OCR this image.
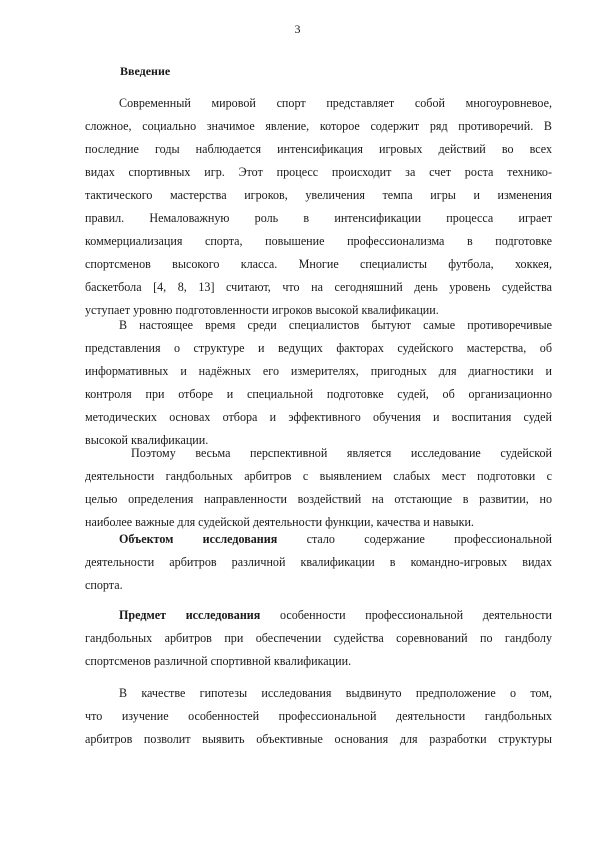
3
Введение
Современный мировой спорт представляет собой многоуровневое,
сложное, социально значимое явление, которое содержит ряд противоречий. В
последние годы наблюдается интенсификация игровых действий во всех
видах спортивных игр. Этот процесс происходит за счет роста технико-
тактического мастерства игроков, увеличения темпа игры и изменения
правил. Немаловажную роль в интенсификации процесса играет
коммерциализация спорта, повышение профессионализма в подготовке
спортсменов высокого класса. Многие специалисты футбола, хоккея,
баскетбола [4, 8, 13] считают, что на сегодняшний день уровень судейства
уступает уровню подготовленности игроков высокой квалификации.
В настоящее время среди специалистов бытуют самые противоречивые
представления о структуре и ведущих факторах судейского мастерства, об
информативных и надёжных его измерителях, пригодных для диагностики и
контроля при отборе и специальной подготовке судей, об организационно
методических основах отбора и эффективного обучения и воспитания судей
высокой квалификации.
Поэтому весьма перспективной является исследование судейской
деятельности гандбольных арбитров с выявлением слабых мест подготовки с
целью определения направленности воздействий на отстающие в развитии, но
наиболее важные для судейской деятельности функции, качества и навыки.
Объектом исследования стало содержание профессиональной
деятельности арбитров различной квалификации в командно-игровых видах
спорта.
Предмет исследования особенности профессиональной деятельности
гандбольных арбитров при обеспечении судейства соревнований по гандболу
спортсменов различной спортивной квалификации.
В качестве гипотезы исследования выдвинуто предположение о том,
что изучение особенностей профессиональной деятельности гандбольных
арбитров позволит выявить объективные основания для разработки структуры
